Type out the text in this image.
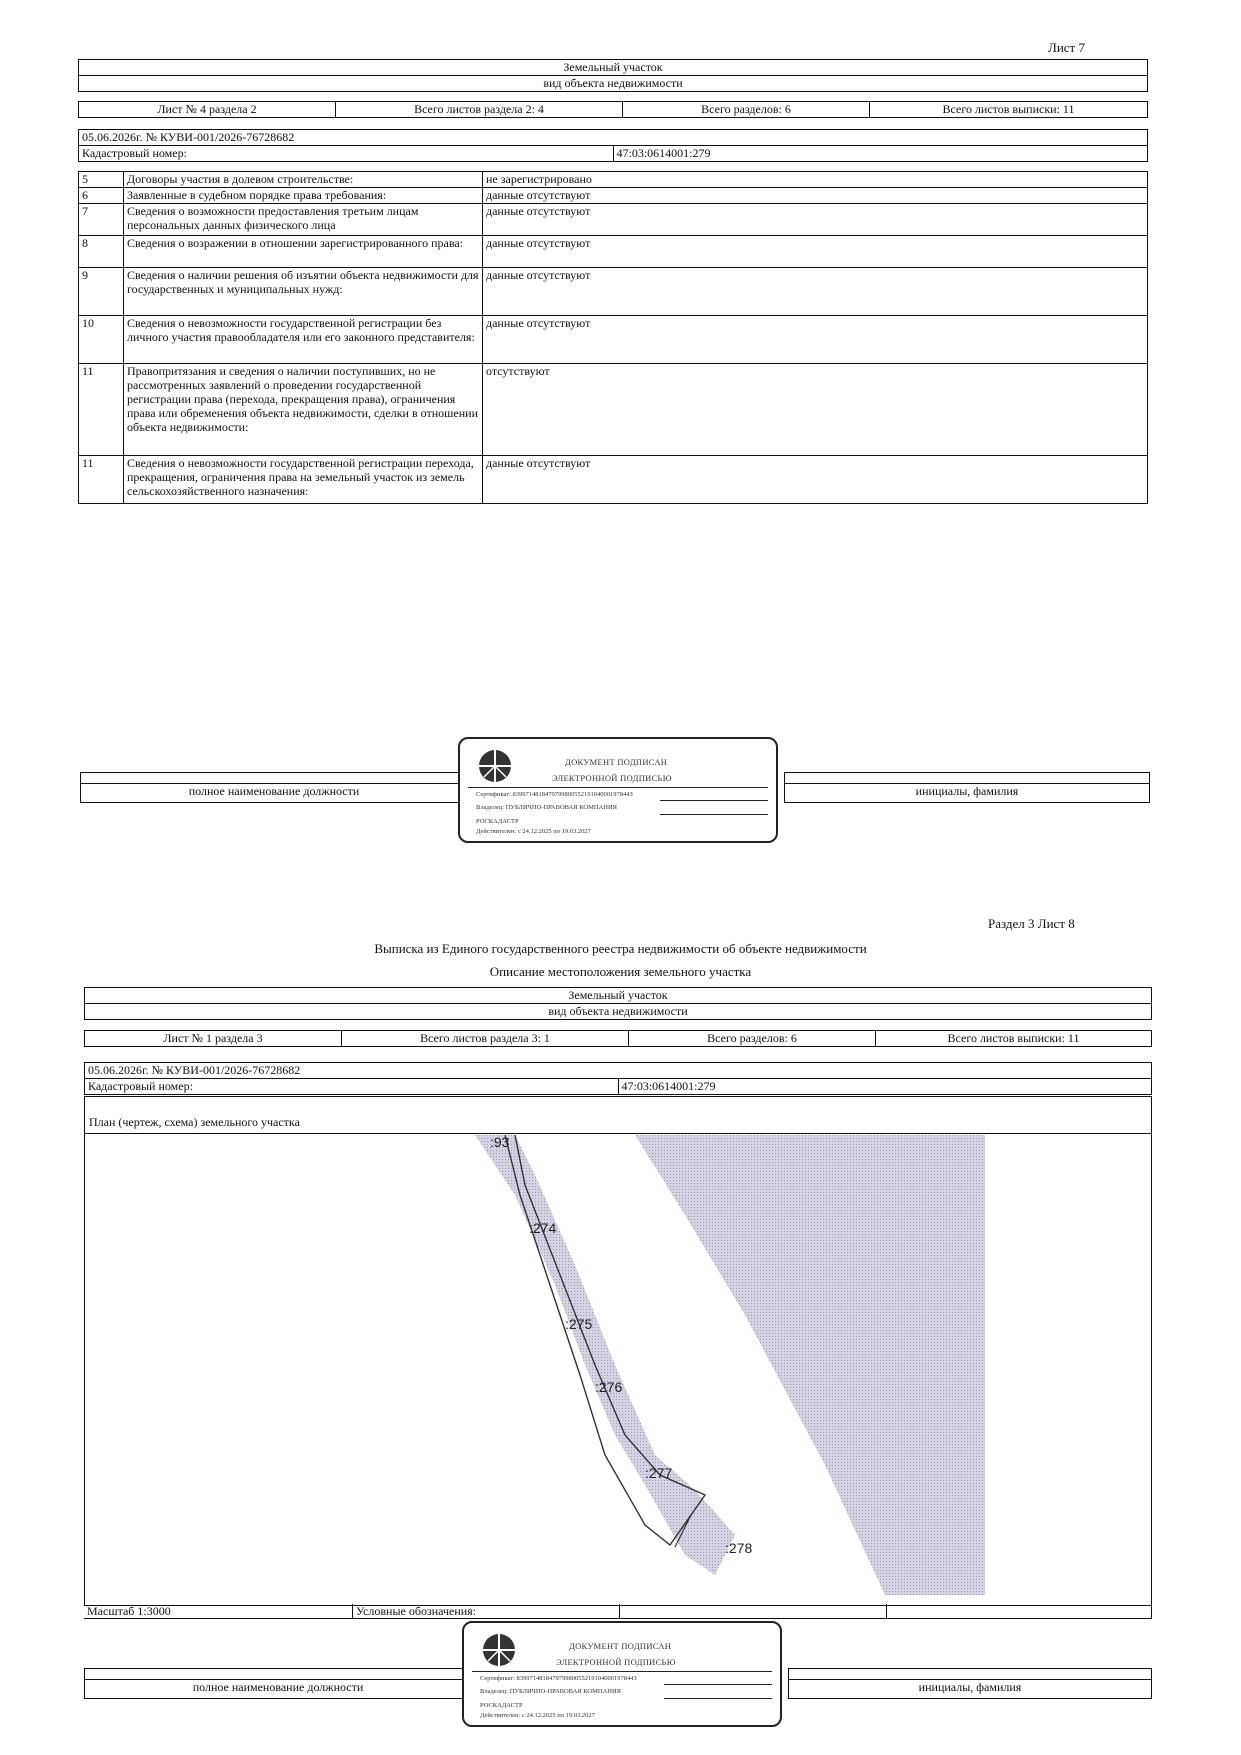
Лист 7
Земельный участок
вид объекта недвижимости
Лист № 4 раздела 2	Всего листов раздела 2: 4	Всего разделов: 6	Всего листов выписки: 11
05.06.2026г. № КУВИ-001/2026-76728682
Кадастровый номер:	47:03:0614001:279
5	Договоры участия в долевом строительстве:	не зарегистрировано
6	Заявленные в судебном порядке права требования:	данные отсутствуют
7	Сведения о возможности предоставления третьим лицам персональных данных физического лица	данные отсутствуют
8	Сведения о возражении в отношении зарегистрированного права:	данные отсутствуют
9	Сведения о наличии решения об изъятии объекта недвижимости для государственных и муниципальных нужд:	данные отсутствуют
10	Сведения о невозможности государственной регистрации без личного участия правообладателя или его законного представителя:	данные отсутствуют
11	Правопритязания и сведения о наличии поступивших, но не рассмотренных заявлений о проведении государственной регистрации права (перехода, прекращения права), ограничения права или обременения объекта недвижимости, сделки в отношении объекта недвижимости:	отсутствуют
11	Сведения о невозможности государственной регистрации перехода, прекращения, ограничения права на земельный участок из земель сельскохозяйственного назначения:	данные отсутствуют

полное наименование должности		инициалы, фамилия
ДОКУМЕНТ ПОДПИСАН
ЭЛЕКТРОННОЙ ПОДПИСЬЮ
Сертификат: 839971481847979980055219104000197844З
Владелец: ПУБЛИЧНО-ПРАВОВАЯ КОМПАНИЯ
РОСКАДАСТР
Действителен: с 24.12.2025 по 19.03.2027
Раздел 3 Лист 8
Выписка из Единого государственного реестра недвижимости об объекте недвижимости
Описание местоположения земельного участка
Земельный участок
вид объекта недвижимости
Лист № 1 раздела 3	Всего листов раздела 3: 1	Всего разделов: 6	Всего листов выписки: 11
05.06.2026г. № КУВИ-001/2026-76728682
Кадастровый номер:	47:03:0614001:279
План (чертеж, схема) земельного участка
:93
:274
:275
:276
:277
:278
Масштаб 1:3000	Условные обозначения:		

полное наименование должности		инициалы, фамилия
ДОКУМЕНТ ПОДПИСАН
ЭЛЕКТРОННОЙ ПОДПИСЬЮ
Сертификат: 839971481847979980055219104000197844З
Владелец: ПУБЛИЧНО-ПРАВОВАЯ КОМПАНИЯ
РОСКАДАСТР
Действителен: с 24.12.2025 по 19.03.2027
